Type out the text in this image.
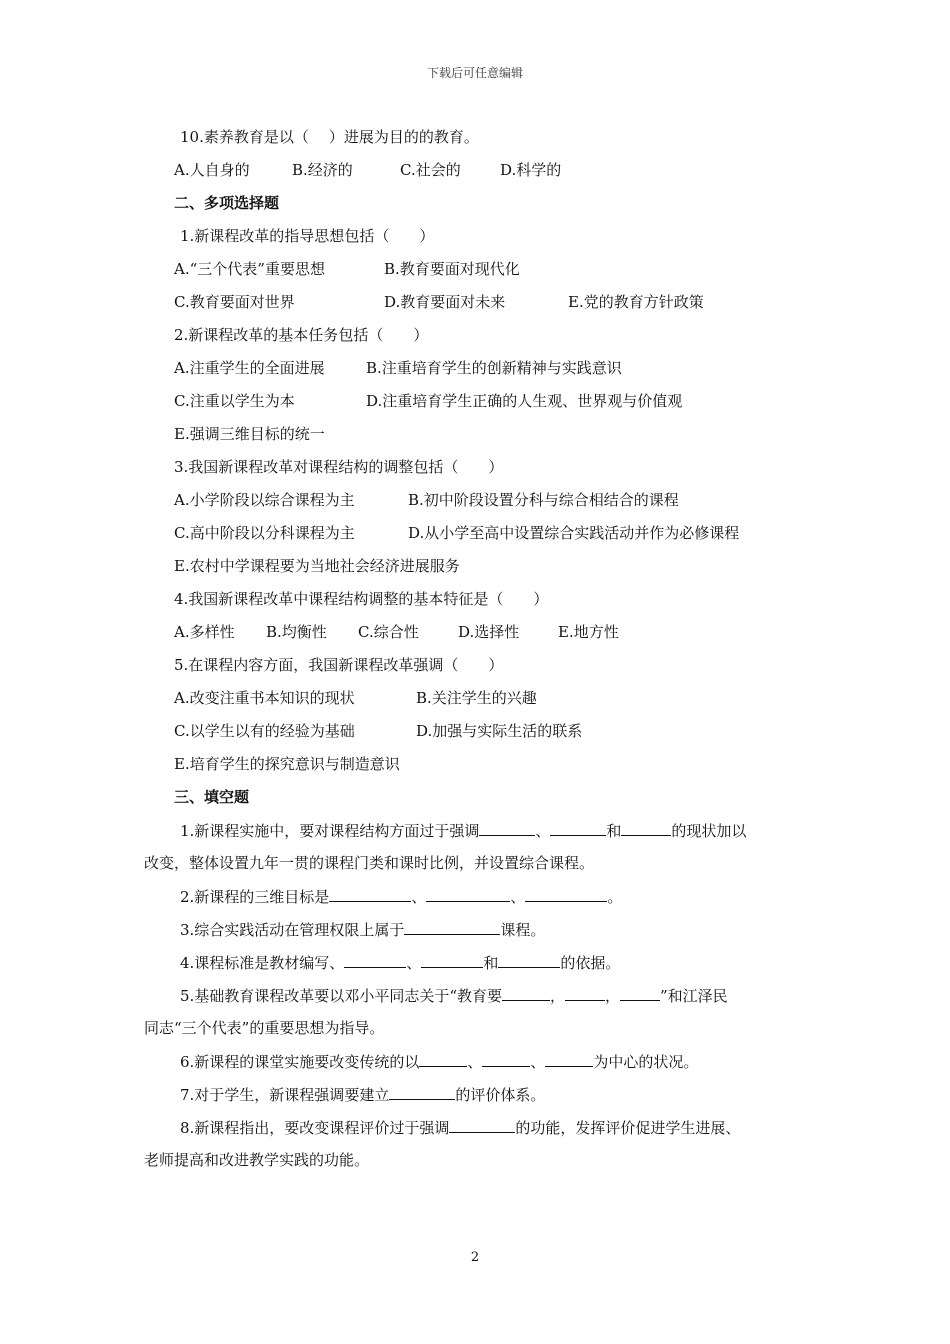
下载后可任意编辑
10.素养教育是以（ ）进展为目的的教育。
A.人自身的	B.经济的	C.社会的	D.科学的
二、多项选择题
1.新课程改革的指导思想包括（　　）
A.“三个代表”重要思想	B.教育要面对现代化
C.教育要面对世界	D.教育要面对未来	E.党的教育方针政策
2.新课程改革的基本任务包括（　　）
A.注重学生的全面进展	B.注重培育学生的创新精神与实践意识
C.注重以学生为本	D.注重培育学生正确的人生观、世界观与价值观
E.强调三维目标的统一
3.我国新课程改革对课程结构的调整包括（　　）
A.小学阶段以综合课程为主	B.初中阶段设置分科与综合相结合的课程
C.高中阶段以分科课程为主	D.从小学至高中设置综合实践活动并作为必修课程
E.农村中学课程要为当地社会经济进展服务
4.我国新课程改革中课程结构调整的基本特征是（　　）
A.多样性 B.均衡性 C.综合性	D.选择性	E.地方性
5.在课程内容方面，我国新课程改革强调（　　）
A.改变注重书本知识的现状	B.关注学生的兴趣
C.以学生以有的经验为基础	D.加强与实际生活的联系
E.培育学生的探究意识与制造意识
三、填空题
1.新课程实施中，要对课程结构方面过于强调	、	和	的现状加以
改变，整体设置九年一贯的课程门类和课时比例，并设置综合课程。
2.新课程的三维目标是	、	、	。
3.综合实践活动在管理权限上属于	课程。
4.课程标准是教材编写、	、	和	的依据。
5.基础教育课程改革要以邓小平同志关于“教育要	，	，	”和江泽民
同志“三个代表”的重要思想为指导。
6.新课程的课堂实施要改变传统的以	、	、	为中心的状况。
7.对于学生，新课程强调要建立	的评价体系。
8.新课程指出，要改变课程评价过于强调	的功能，发挥评价促进学生进展、
老师提高和改进教学实践的功能。
2
